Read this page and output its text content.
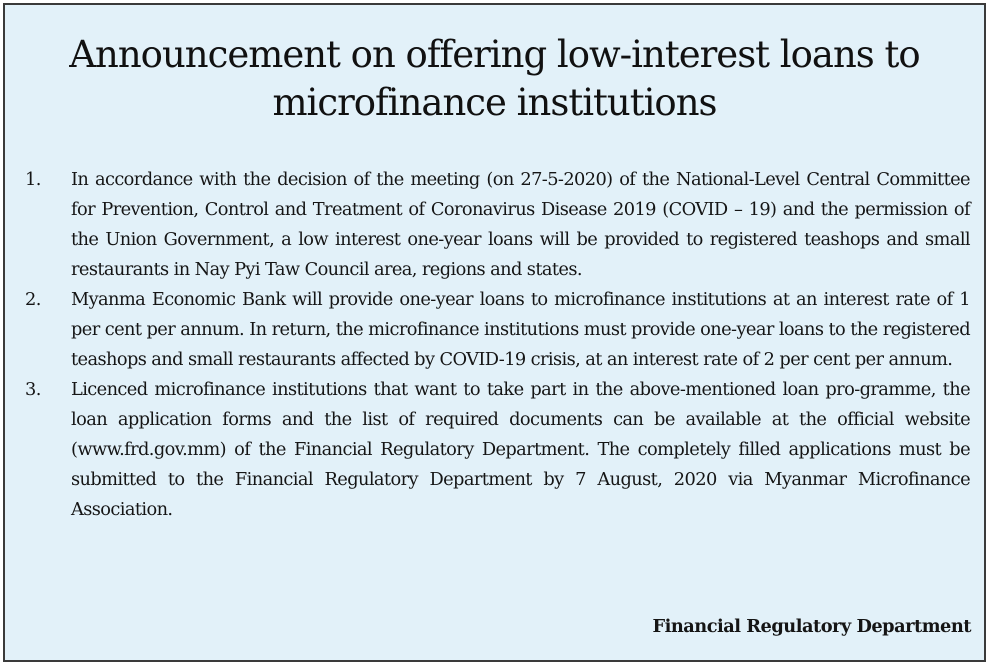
Announcement on offering low-interest loans to
microfinance institutions
1. In accordance with the decision of the meeting (on 27-5-2020) of the National-Level Central Committee for Prevention, Control and Treatment of Coronavirus Disease 2019 (COVID – 19) and the permission of the Union Government, a low interest one-year loans will be provided to registered teashops and small restaurants in Nay Pyi Taw Council area, regions and states.
2. Myanma Economic Bank will provide one-year loans to microfinance institutions at an interest rate of 1 per cent per annum. In return, the microfinance institutions must provide one-year loans to the registered teashops and small restaurants affected by COVID-19 crisis, at an interest rate of 2 per cent per annum.
3. Licenced microfinance institutions that want to take part in the above-mentioned loan pro-gramme, the loan application forms and the list of required documents can be available at the official website (www.frd.gov.mm) of the Financial Regulatory Department. The completely filled applications must be submitted to the Financial Regulatory Department by 7 August, 2020 via Myanmar Microfinance Association.
Financial Regulatory Department
